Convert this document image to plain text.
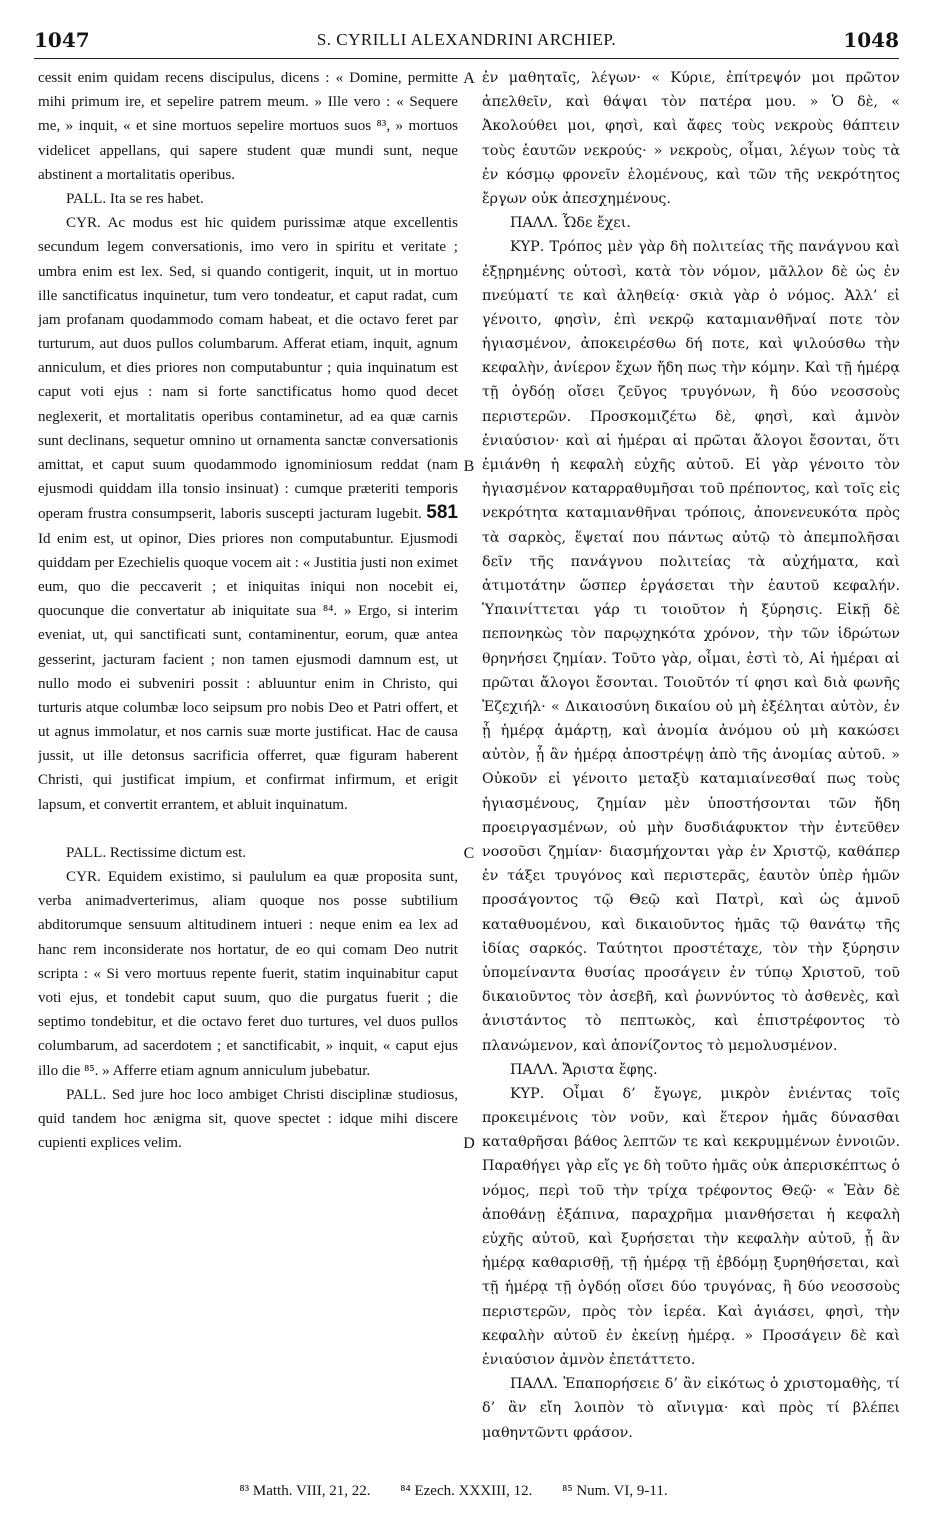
1047	S. CYRILLI ALEXANDRINI ARCHIEP.	1048

cessit enim quidam recens discipulus, dicens : « Domine, permitte mihi primum ire, et sepelire patrem meum. » Ille vero : « Sequere me, » inquit, « et sine mortuos sepelire mortuos suos ⁸³, » mortuos videlicet appellans, qui sapere student quæ mundi sunt, neque abstinent a mortalitatis operibus.

PALL. Ita se res habet.

CYR. Ac modus est hic quidem purissimæ atque excellentis secundum legem conversationis, imo vero in spiritu et veritate ; umbra enim est lex. Sed, si quando contigerit, inquit, ut in mortuo ille sanctificatus inquinetur, tum vero tondeatur, et caput radat, cum jam profanam quodammodo comam habeat, et die octavo feret par turturum, aut duos pullos columbarum. Afferat etiam, inquit, agnum anniculum, et dies priores non computabuntur ; quia inquinatum est caput voti ejus : nam si forte sanctificatus homo quod decet neglexerit, et mortalitatis operibus contaminetur, ad ea quæ carnis sunt declinans, sequetur omnino ut ornamenta sanctæ conversationis amittat, et caput suum quodammodo ignominiosum reddat (nam ejusmodi quiddam illa tonsio insinuat) : cumque præteriti temporis operam frustra consumpserit, laboris suscepti jacturam lugebit. 581 Id enim est, ut opinor, Dies priores non computabuntur. Ejusmodi quiddam per Ezechielis quoque vocem ait : « Justitia justi non eximet eum, quo die peccaverit ; et iniquitas iniqui non nocebit ei, quocunque die convertatur ab iniquitate sua ⁸⁴. » Ergo, si interim eveniat, ut, qui sanctificati sunt, contaminentur, eorum, quæ antea gesserint, jacturam facient ; non tamen ejusmodi damnum est, ut nullo modo ei subveniri possit : abluuntur enim in Christo, qui turturis atque columbæ loco seipsum pro nobis Deo et Patri offert, et ut agnus immolatur, et nos carnis suæ morte justificat. Hac de causa jussit, ut ille detonsus sacrificia offerret, quæ figuram haberent Christi, qui justificat impium, et confirmat infirmum, et erigit lapsum, et convertit errantem, et abluit inquinatum.

PALL. Rectissime dictum est.

CYR. Equidem existimo, si paululum ea quæ proposita sunt, verba animadverterimus, aliam quoque nos posse subtilium abditorumque sensuum altitudinem intueri : neque enim ea lex ad hanc rem inconsiderate nos hortatur, de eo qui comam Deo nutrit scripta : « Si vero mortuus repente fuerit, statim inquinabitur caput voti ejus, et tondebit caput suum, quo die purgatus fuerit ; die septimo tondebitur, et die octavo feret duo turtures, vel duos pullos columbarum, ad sacerdotem ; et sanctificabit, » inquit, « caput ejus illo die ⁸⁵. » Afferre etiam agnum anniculum jubebatur.

PALL. Sed jure hoc loco ambiget Christi disciplinæ studiosus, quid tandem hoc ænigma sit, quove spectet : idque mihi discere cupienti explices velim.

A
B
C
D

ἐν μαθηταῖς, λέγων· « Κύριε, ἐπίτρεψόν μοι πρῶτον ἀπελθεῖν, καὶ θάψαι τὸν πατέρα μου. » Ὁ δὲ, « Ἀκολούθει μοι, φησὶ, καὶ ἄφες τοὺς νεκροὺς θάπτειν τοὺς ἑαυτῶν νεκρούς· » νεκροὺς, οἶμαι, λέγων τοὺς τὰ ἐν κόσμῳ φρονεῖν ἑλομένους, καὶ τῶν τῆς νεκρότητος ἔργων οὐκ ἀπεσχημένους.

ΠΑΛΛ. Ὧδε ἔχει.

ΚΥΡ. Τρόπος μὲν γὰρ δὴ πολιτείας τῆς πανάγνου καὶ ἐξῃρημένης οὑτοσὶ, κατὰ τὸν νόμον, μᾶλλον δὲ ὡς ἐν πνεύματί τε καὶ ἀληθείᾳ· σκιὰ γὰρ ὁ νόμος. Ἀλλ’ εἰ γένοιτο, φησὶν, ἐπὶ νεκρῷ καταμιανθῆναί ποτε τὸν ἡγιασμένον, ἀποκειρέσθω δή ποτε, καὶ ψιλούσθω τὴν κεφαλὴν, ἀνίερον ἔχων ἤδη πως τὴν κόμην. Καὶ τῇ ἡμέρᾳ τῇ ὀγδόῃ οἴσει ζεῦγος τρυγόνων, ἢ δύο νεοσσοὺς περιστερῶν. Προσκομιζέτω δὲ, φησὶ, καὶ ἀμνὸν ἐνιαύσιον· καὶ αἱ ἡμέραι αἱ πρῶται ἄλογοι ἔσονται, ὅτι ἐμιάνθη ἡ κεφαλὴ εὐχῆς αὐτοῦ. Εἰ γὰρ γένοιτο τὸν ἡγιασμένον καταρραθυμῆσαι τοῦ πρέποντος, καὶ τοῖς εἰς νεκρότητα καταμιανθῆναι τρόποις, ἀπονενευκότα πρὸς τὰ σαρκὸς, ἕψεταί που πάντως αὐτῷ τὸ ἀπεμπολῆσαι δεῖν τῆς πανάγνου πολιτείας τὰ αὐχήματα, καὶ ἀτιμοτάτην ὥσπερ ἐργάσεται τὴν ἑαυτοῦ κεφαλήν. Ὑπαινίττεται γάρ τι τοιοῦτον ἡ ξύρησις. Εἰκῇ δὲ πεπονηκὼς τὸν παρῳχηκότα χρόνον, τὴν τῶν ἱδρώτων θρηνήσει ζημίαν. Τοῦτο γὰρ, οἶμαι, ἐστὶ τὸ, Αἱ ἡμέραι αἱ πρῶται ἄλογοι ἔσονται. Τοιοῦτόν τί φησι καὶ διὰ φωνῆς Ἐζεχιήλ· « Δικαιοσύνη δικαίου οὐ μὴ ἐξέληται αὐτὸν, ἐν ᾗ ἡμέρᾳ ἁμάρτῃ, καὶ ἀνομία ἀνόμου οὐ μὴ κακώσει αὐτὸν, ᾗ ἂν ἡμέρᾳ ἀποστρέψῃ ἀπὸ τῆς ἀνομίας αὐτοῦ. » Οὐκοῦν εἰ γένοιτο μεταξὺ καταμιαίνεσθαί πως τοὺς ἡγιασμένους, ζημίαν μὲν ὑποστήσονται τῶν ἤδη προειργασμένων, οὐ μὴν δυσδιάφυκτον τὴν ἐντεῦθεν νοσοῦσι ζημίαν· διασμήχονται γὰρ ἐν Χριστῷ, καθάπερ ἐν τάξει τρυγόνος καὶ περιστερᾶς, ἑαυτὸν ὑπὲρ ἡμῶν προσάγοντος τῷ Θεῷ καὶ Πατρὶ, καὶ ὡς ἀμνοῦ καταθυομένου, καὶ δικαιοῦντος ἡμᾶς τῷ θανάτῳ τῆς ἰδίας σαρκός. Ταύτητοι προστέταχε, τὸν τὴν ξύρησιν ὑπομείναντα θυσίας προσάγειν ἐν τύπῳ Χριστοῦ, τοῦ δικαιοῦντος τὸν ἀσεβῆ, καὶ ῥωννύντος τὸ ἀσθενὲς, καὶ ἀνιστάντος τὸ πεπτωκὸς, καὶ ἐπιστρέφοντος τὸ πλανώμενον, καὶ ἀπονίζοντος τὸ μεμολυσμένον.

ΠΑΛΛ. Ἄριστα ἔφης.

ΚΥΡ. Οἶμαι δ’ ἔγωγε, μικρὸν ἐνιέντας τοῖς προκειμένοις τὸν νοῦν, καὶ ἕτερον ἡμᾶς δύνασθαι καταθρῆσαι βάθος λεπτῶν τε καὶ κεκρυμμένων ἐννοιῶν. Παραθήγει γὰρ εἴς γε δὴ τοῦτο ἡμᾶς οὐκ ἀπερισκέπτως ὁ νόμος, περὶ τοῦ τὴν τρίχα τρέφοντος Θεῷ· « Ἐὰν δὲ ἀποθάνῃ ἐξάπινα, παραχρῆμα μιανθήσεται ἡ κεφαλὴ εὐχῆς αὐτοῦ, καὶ ξυρήσεται τὴν κεφαλὴν αὐτοῦ, ᾗ ἂν ἡμέρᾳ καθαρισθῇ, τῇ ἡμέρᾳ τῇ ἑβδόμῃ ξυρηθήσεται, καὶ τῇ ἡμέρᾳ τῇ ὀγδόῃ οἴσει δύο τρυγόνας, ἢ δύο νεοσσοὺς περιστερῶν, πρὸς τὸν ἱερέα. Καὶ ἁγιάσει, φησὶ, τὴν κεφαλὴν αὐτοῦ ἐν ἐκείνῃ ἡμέρᾳ. » Προσάγειν δὲ καὶ ἐνιαύσιον ἀμνὸν ἐπετάττετο.

ΠΑΛΛ. Ἐπαπορήσειε δ’ ἂν εἰκότως ὁ χριστομαθὴς, τί δ’ ἂν εἴη λοιπὸν τὸ αἴνιγμα· καὶ πρὸς τί βλέπει μαθηντῶντι φράσον.

⁸³ Matth. VIII, 21, 22. ⁸⁴ Ezech. XXXIII, 12. ⁸⁵ Num. VI, 9-11.
